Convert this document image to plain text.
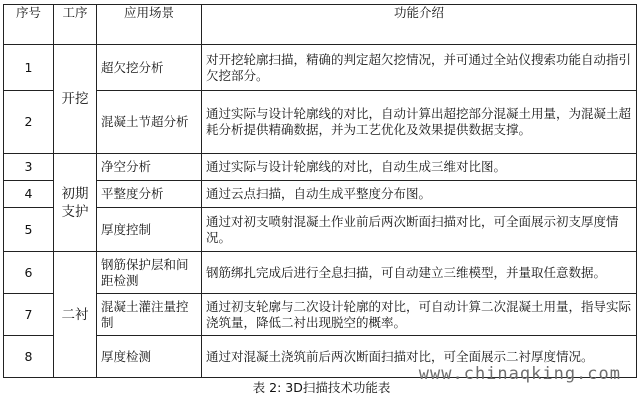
序号	工序	应用场景	功能介绍
1	开挖	超欠挖分析	对开挖轮廓扫描，精确的判定超欠挖情况，并可通过全站仪搜索功能自动指引欠挖部分。
2		混凝土节超分析	通过实际与设计轮廓线的对比，自动计算出超挖部分混凝土用量，为混凝土超耗分析提供精确数据，并为工艺优化及效果提供数据支撑。
3	初期支护	净空分析	通过实际与设计轮廓线的对比，自动生成三维对比图。
4		平整度分析	通过云点扫描，自动生成平整度分布图。
5		厚度控制	通过对初支喷射混凝土作业前后两次断面扫描对比，可全面展示初支厚度情况。
6	二衬	钢筋保护层和间距检测	钢筋绑扎完成后进行全息扫描，可自动建立三维模型，并量取任意数据。
7		混凝土灌注量控制	通过初支轮廓与二次设计轮廓的对比，可自动计算二次混凝土用量，指导实际浇筑量，降低二衬出现脱空的概率。
8		厚度检测	通过对混凝土浇筑前后两次断面扫描对比，可全面展示二衬厚度情况。
www.chinaqking.com
表 2: 3D扫描技术功能表
